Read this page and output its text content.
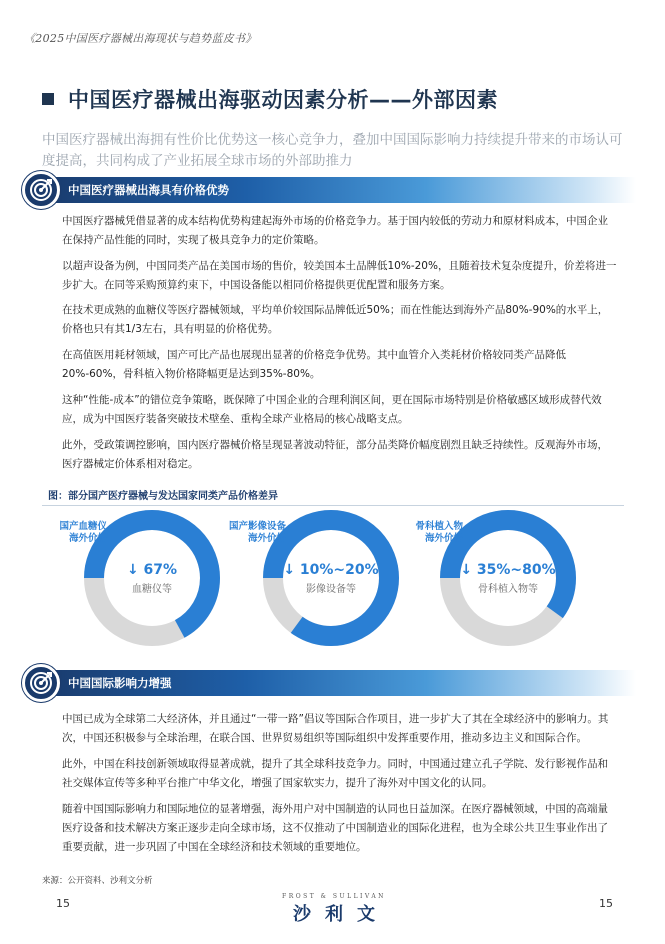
《2025中国医疗器械出海现状与趋势蓝皮书》
中国医疗器械出海驱动因素分析——外部因素
中国医疗器械出海拥有性价比优势这一核心竞争力，叠加中国国际影响力持续提升带来的市场认可度提高，共同构成了产业拓展全球市场的外部助推力
中国医疗器械出海具有价格优势
中国医疗器械凭借显著的成本结构优势构建起海外市场的价格竞争力。基于国内较低的劳动力和原材料成本，中国企业在保持产品性能的同时，实现了极具竞争力的定价策略。
以超声设备为例，中国同类产品在美国市场的售价，较美国本土品牌低10%-20%，且随着技术复杂度提升，价差将进一步扩大。在同等采购预算约束下，中国设备能以相同价格提供更优配置和服务方案。
在技术更成熟的血糖仪等医疗器械领域，平均单价较国际品牌低近50%；而在性能达到海外产品80%-90%的水平上，价格也只有其1/3左右，具有明显的价格优势。
在高值医用耗材领域，国产可比产品也展现出显著的价格竞争优势。其中血管介入类耗材价格较同类产品降低20%-60%，骨科植入物价格降幅更是达到35%-80%。
这种“性能-成本”的错位竞争策略，既保障了中国企业的合理利润区间，更在国际市场特别是价格敏感区域形成替代效应，成为中国医疗装备突破技术壁垒、重构全球产业格局的核心战略支点。
此外，受政策调控影响，国内医疗器械价格呈现显著波动特征，部分品类降价幅度剧烈且缺乏持续性。反观海外市场，医疗器械定价体系相对稳定。
图：部分国产医疗器械与发达国家同类产品价格差异
↓ 67%
血糖仪等
国产血糖仪
海外价格
↓ 10%~20%
影像设备等
国产影像设备
海外价格
↓ 35%~80%
骨科植入物等
骨科植入物
海外价格
中国国际影响力增强
中国已成为全球第二大经济体，并且通过“一带一路”倡议等国际合作项目，进一步扩大了其在全球经济中的影响力。其次，中国还积极参与全球治理，在联合国、世界贸易组织等国际组织中发挥重要作用，推动多边主义和国际合作。
此外，中国在科技创新领域取得显著成就，提升了其全球科技竞争力。同时，中国通过建立孔子学院、发行影视作品和社交媒体宣传等多种平台推广中华文化，增强了国家软实力，提升了海外对中国文化的认同。
随着中国国际影响力和国际地位的显著增强，海外用户对中国制造的认同也日益加深。在医疗器械领域，中国的高端量医疗设备和技术解决方案正逐步走向全球市场，这不仅推动了中国制造业的国际化进程，也为全球公共卫生事业作出了重要贡献，进一步巩固了中国在全球经济和技术领域的重要地位。
来源：公开资料、沙利文分析
15	15
FROST & SULLIVAN
沙利文
